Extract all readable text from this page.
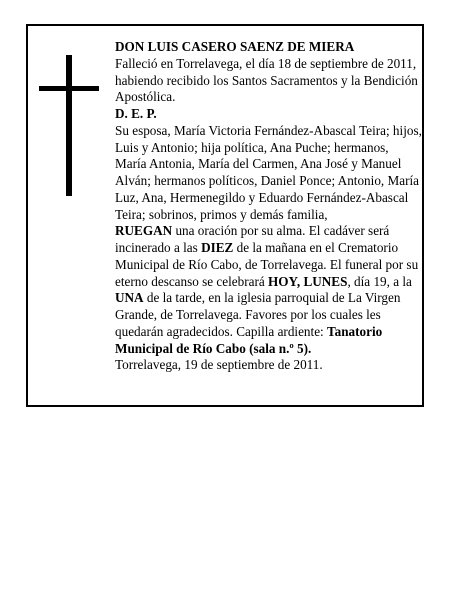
DON LUIS CASERO SAENZ DE MIERA

Falleció en Torrelavega, el día 18 de septiembre de 2011, habiendo recibido los Santos Sacramentos y la Bendición Apostólica.

D. E. P.

Su esposa, María Victoria Fernández-Abascal Teira; hijos, Luis y Antonio; hija política, Ana Puche; hermanos, María Antonia, María del Carmen, Ana José y Manuel Alván; hermanos políticos, Daniel Ponce; Antonio, María Luz, Ana, Hermenegildo y Eduardo Fernández-Abascal Teira; sobrinos, primos y demás familia,

RUEGAN una oración por su alma. El cadáver será incinerado a las DIEZ de la mañana en el Crematorio Municipal de Río Cabo, de Torrelavega. El funeral por su eterno descanso se celebrará HOY, LUNES, día 19, a la UNA de la tarde, en la iglesia parroquial de La Virgen Grande, de Torrelavega. Favores por los cuales les quedarán agradecidos. Capilla ardiente: Tanatorio Municipal de Río Cabo (sala n.º 5).

Torrelavega, 19 de septiembre de 2011.
